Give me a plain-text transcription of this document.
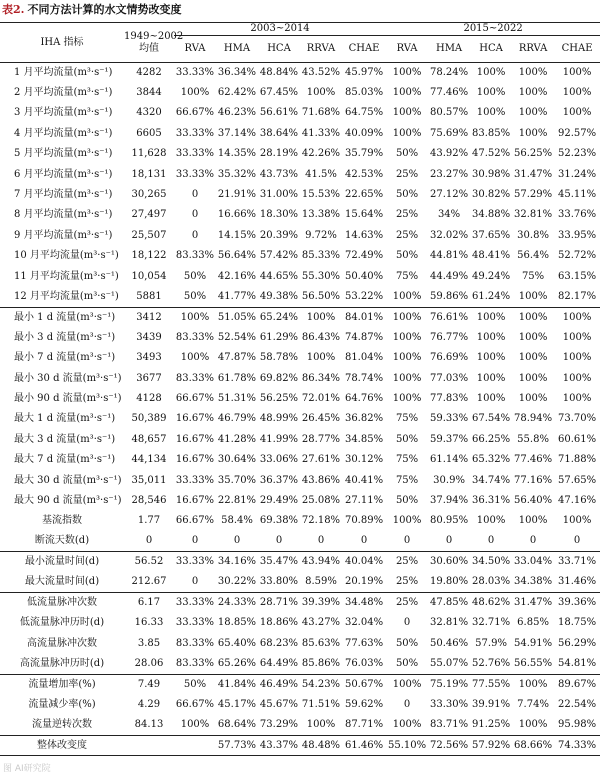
表2. 不同方法计算的水文情势改变度
IHA 指标	1949~2002
均值	2003~2014					2015~2022					
		RVA	HMA	HCA	RRVA	CHAE	RVA	HMA	HCA	RRVA	CHAE	
1 月平均流量(m³·s⁻¹)	4282	33.33%	36.34%	48.84%	43.52%	45.97%	100%	78.24%	100%	100%	100%	
2 月平均流量(m³·s⁻¹)	3844	100%	62.42%	67.45%	100%	85.03%	100%	77.46%	100%	100%	100%	
3 月平均流量(m³·s⁻¹)	4320	66.67%	46.23%	56.61%	71.68%	64.75%	100%	80.57%	100%	100%	100%	
4 月平均流量(m³·s⁻¹)	6605	33.33%	37.14%	38.64%	41.33%	40.09%	100%	75.69%	83.85%	100%	92.57%	
5 月平均流量(m³·s⁻¹)	11,628	33.33%	14.35%	28.19%	42.26%	35.79%	50%	43.92%	47.52%	56.25%	52.23%	
6 月平均流量(m³·s⁻¹)	18,131	33.33%	35.32%	43.73%	41.5%	42.53%	25%	23.27%	30.98%	31.47%	31.24%	
7 月平均流量(m³·s⁻¹)	30,265	0	21.91%	31.00%	15.53%	22.65%	50%	27.12%	30.82%	57.29%	45.11%	
8 月平均流量(m³·s⁻¹)	27,497	0	16.66%	18.30%	13.38%	15.64%	25%	34%	34.88%	32.81%	33.76%	
9 月平均流量(m³·s⁻¹)	25,507	0	14.15%	20.39%	9.72%	14.63%	25%	32.02%	37.65%	30.8%	33.95%	
10 月平均流量(m³·s⁻¹)	18,122	83.33%	56.64%	57.42%	85.33%	72.49%	50%	44.81%	48.41%	56.4%	52.72%	
11 月平均流量(m³·s⁻¹)	10,054	50%	42.16%	44.65%	55.30%	50.40%	75%	44.49%	49.24%	75%	63.15%	
12 月平均流量(m³·s⁻¹)	5881	50%	41.77%	49.38%	56.50%	53.22%	100%	59.86%	61.24%	100%	82.17%	
最小 1 d 流量(m³·s⁻¹)	3412	100%	51.05%	65.24%	100%	84.01%	100%	76.61%	100%	100%	100%	
最小 3 d 流量(m³·s⁻¹)	3439	83.33%	52.54%	61.29%	86.43%	74.87%	100%	76.77%	100%	100%	100%	
最小 7 d 流量(m³·s⁻¹)	3493	100%	47.87%	58.78%	100%	81.04%	100%	76.69%	100%	100%	100%	
最小 30 d 流量(m³·s⁻¹)	3677	83.33%	61.78%	69.82%	86.34%	78.74%	100%	77.03%	100%	100%	100%	
最小 90 d 流量(m³·s⁻¹)	4128	66.67%	51.31%	56.25%	72.01%	64.76%	100%	77.83%	100%	100%	100%	
最大 1 d 流量(m³·s⁻¹)	50,389	16.67%	46.79%	48.99%	26.45%	36.82%	75%	59.33%	67.54%	78.94%	73.70%	
最大 3 d 流量(m³·s⁻¹)	48,657	16.67%	41.28%	41.99%	28.77%	34.85%	50%	59.37%	66.25%	55.8%	60.61%	
最大 7 d 流量(m³·s⁻¹)	44,134	16.67%	30.64%	33.06%	27.61%	30.12%	75%	61.14%	65.32%	77.46%	71.88%	
最大 30 d 流量(m³·s⁻¹)	35,011	33.33%	35.70%	36.37%	43.86%	40.41%	75%	30.9%	34.74%	77.16%	57.65%	
最大 90 d 流量(m³·s⁻¹)	28,546	16.67%	22.81%	29.49%	25.08%	27.11%	50%	37.94%	36.31%	56.40%	47.16%	
基流指数	1.77	66.67%	58.4%	69.38%	72.18%	70.89%	100%	80.95%	100%	100%	100%	
断流天数(d)	0	0	0	0	0	0	0	0	0	0	0	
最小流量时间(d)	56.52	33.33%	34.16%	35.47%	43.94%	40.04%	25%	30.60%	34.50%	33.04%	33.71%	
最大流量时间(d)	212.67	0	30.22%	33.80%	8.59%	20.19%	25%	19.80%	28.03%	34.38%	31.46%	
低流量脉冲次数	6.17	33.33%	24.33%	28.71%	39.39%	34.48%	25%	47.85%	48.62%	31.47%	39.36%	
低流量脉冲历时(d)	16.33	33.33%	18.85%	18.86%	43.27%	32.04%	0	32.81%	32.71%	6.85%	18.75%	
高流量脉冲次数	3.85	83.33%	65.40%	68.23%	85.63%	77.63%	50%	50.46%	57.9%	54.91%	56.29%	
高流量脉冲历时(d)	28.06	83.33%	65.26%	64.49%	85.86%	76.03%	50%	55.07%	52.76%	56.55%	54.81%	
流量增加率(%)	7.49	50%	41.84%	46.49%	54.23%	50.67%	100%	75.19%	77.55%	100%	89.67%	
流量减少率(%)	4.29	66.67%	45.17%	45.67%	71.51%	59.62%	0	33.30%	39.91%	7.74%	22.54%	
流量逆转次数	84.13	100%	68.64%	73.29%	100%	87.71%	100%	83.71%	91.25%	100%	95.98%	
整体改变度			57.73%	43.37%	48.48%	61.46%	55.10%	72.56%	57.92%	68.66%	74.33%	
图 AI研究院
